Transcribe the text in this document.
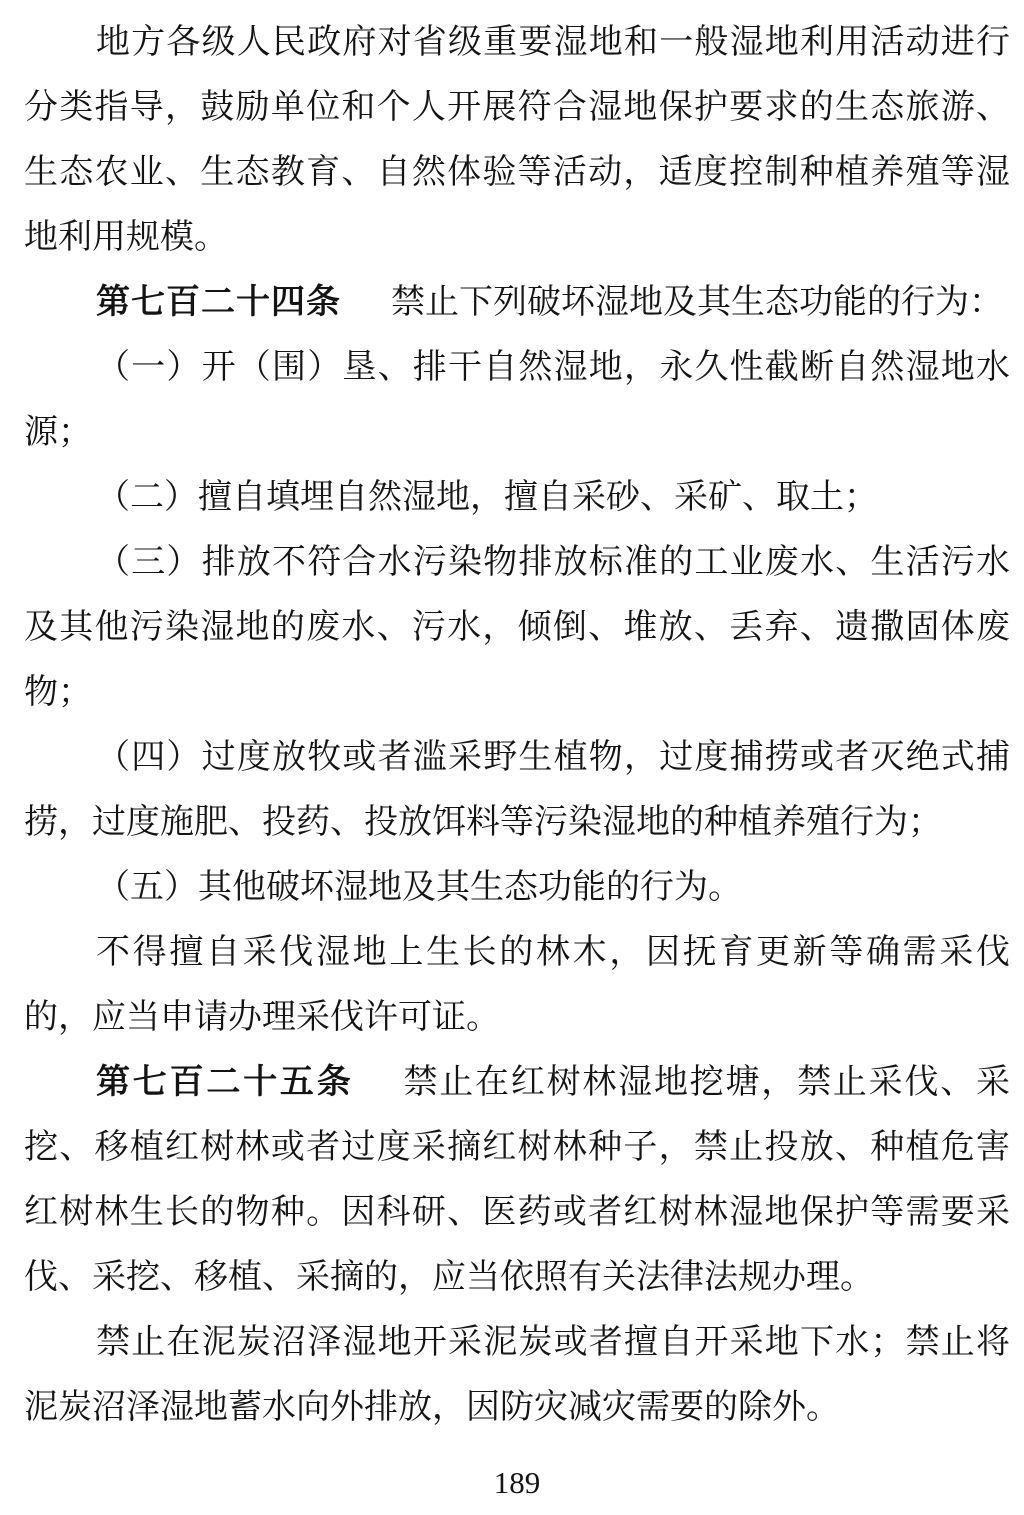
地方各级人民政府对省级重要湿地和一般湿地利用活动进行
分类指导，鼓励单位和个人开展符合湿地保护要求的生态旅游、
生态农业、生态教育、自然体验等活动，适度控制种植养殖等湿
地利用规模。
第七百二十四条 禁止下列破坏湿地及其生态功能的行为：
（一）开（围）垦、排干自然湿地，永久性截断自然湿地水
源；
（二）擅自填埋自然湿地，擅自采砂、采矿、取土；
（三）排放不符合水污染物排放标准的工业废水、生活污水
及其他污染湿地的废水、污水，倾倒、堆放、丢弃、遗撒固体废
物；
（四）过度放牧或者滥采野生植物，过度捕捞或者灭绝式捕
捞，过度施肥、投药、投放饵料等污染湿地的种植养殖行为；
（五）其他破坏湿地及其生态功能的行为。
不得擅自采伐湿地上生长的林木，因抚育更新等确需采伐
的，应当申请办理采伐许可证。
第七百二十五条 禁止在红树林湿地挖塘，禁止采伐、采
挖、移植红树林或者过度采摘红树林种子，禁止投放、种植危害
红树林生长的物种。因科研、医药或者红树林湿地保护等需要采
伐、采挖、移植、采摘的，应当依照有关法律法规办理。
禁止在泥炭沼泽湿地开采泥炭或者擅自开采地下水；禁止将
泥炭沼泽湿地蓄水向外排放，因防灾减灾需要的除外。
189
